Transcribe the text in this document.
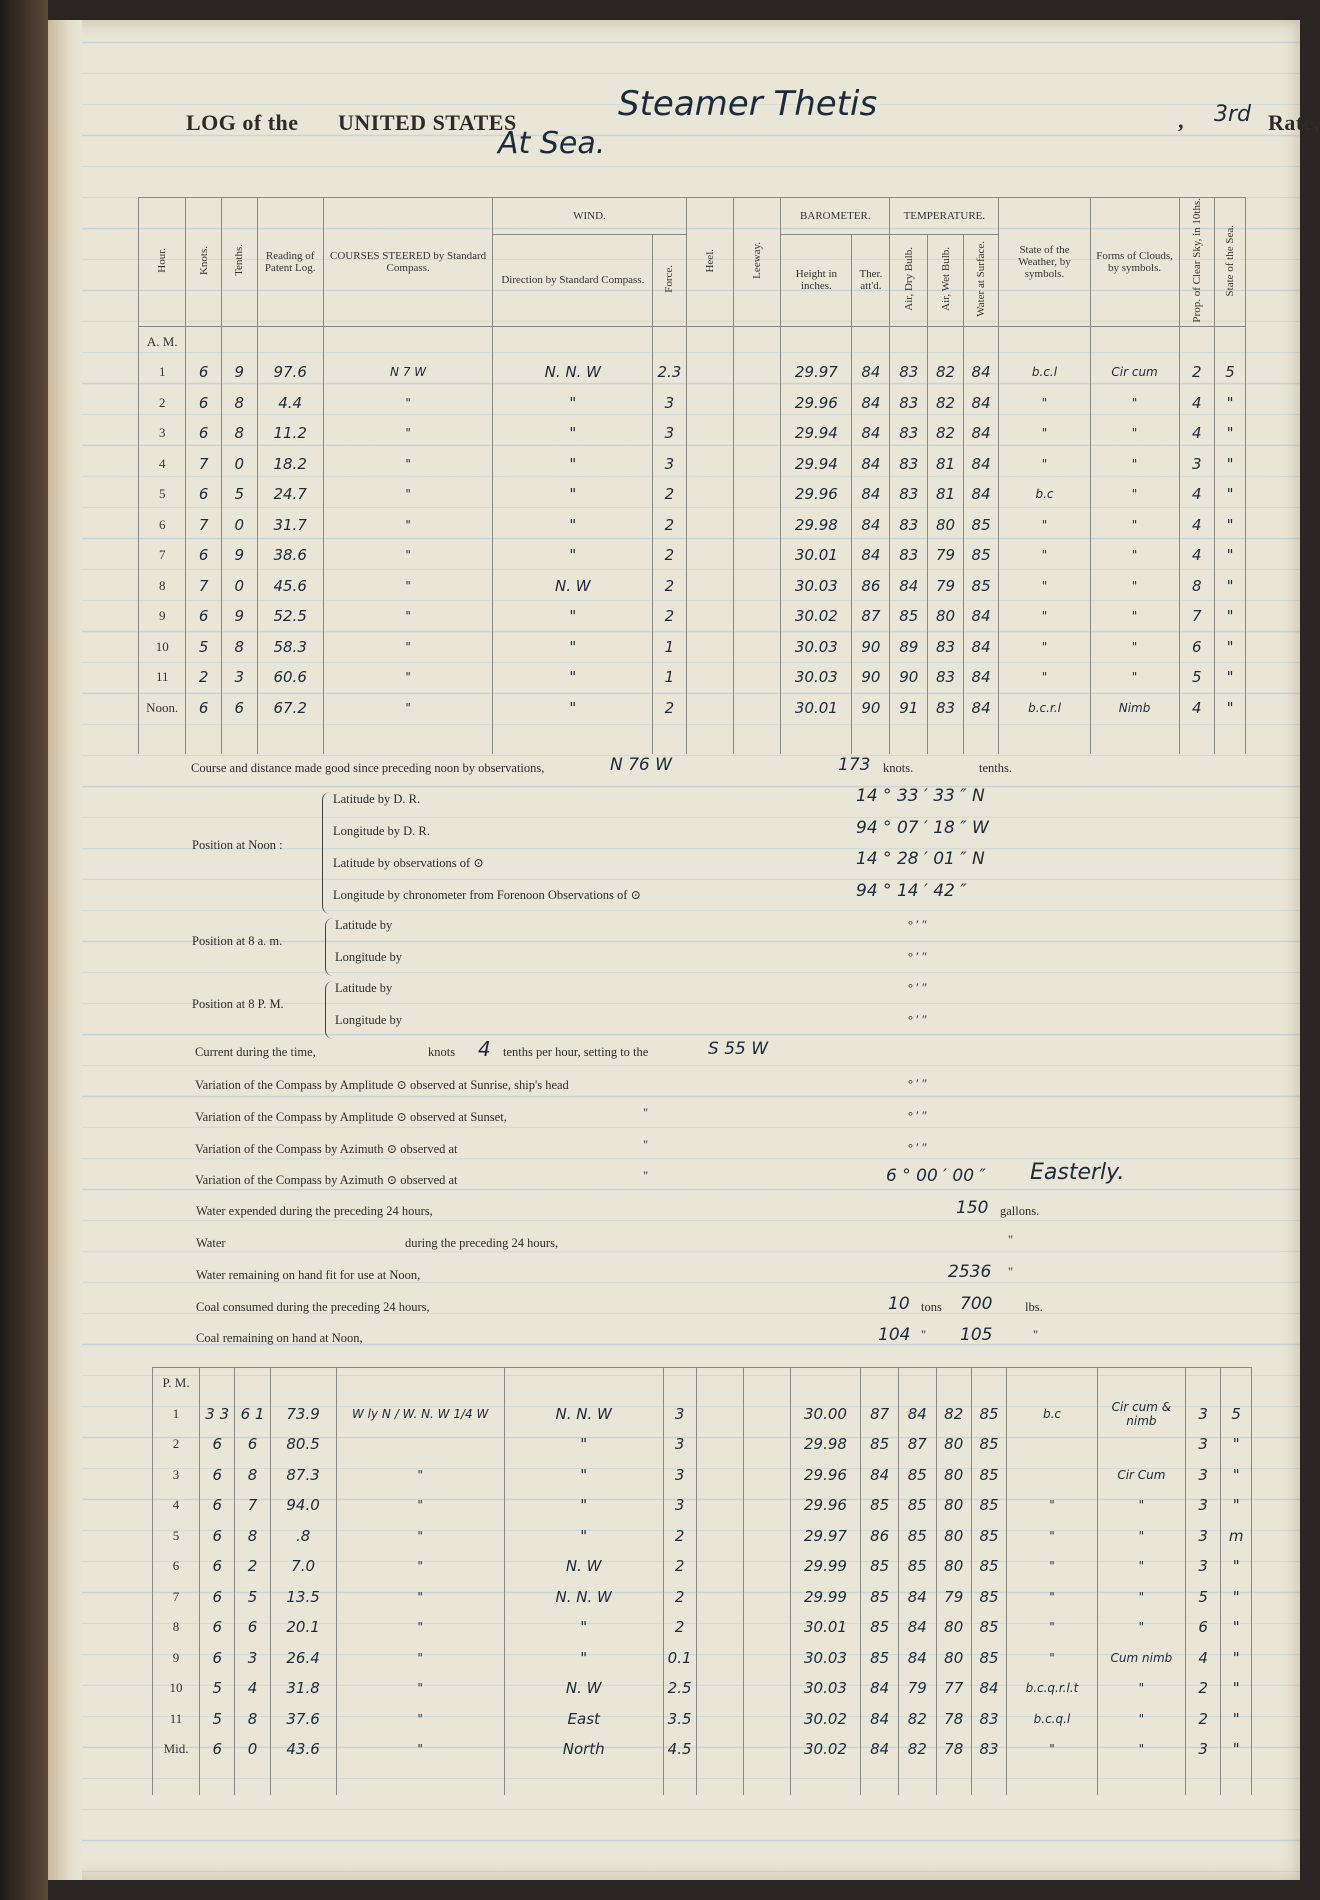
LOG of the UNITED STATES	Steamer Thetis
At Sea.
, 3rd Rate,
Hour.	Knots.	Tenths.	Reading of Patent Log.	COURSES STEERED by Standard Compass.	WIND.		Heel.	Leeway.	BAROMETER.		TEMPERATURE.			State of the Weather, by symbols.	Forms of Clouds, by symbols.	Prop. of Clear Sky, in 10ths.	State of the Sea.
					Direction by Standard Compass.	Force.			Height in inches.	Ther. att'd.	Air, Dry Bulb.	Air, Wet Bulb.	Water at Surface.				
A. M.																	
1	6	9	97.6	N 7 W	N. N. W	2.3			29.97	84	83	82	84	b.c.l	Cir cum	2	5
2	6	8	4.4	"	"	3			29.96	84	83	82	84	"	"	4	"
3	6	8	11.2	"	"	3			29.94	84	83	82	84	"	"	4	"
4	7	0	18.2	"	"	3			29.94	84	83	81	84	"	"	3	"
5	6	5	24.7	"	"	2			29.96	84	83	81	84	b.c	"	4	"
6	7	0	31.7	"	"	2			29.98	84	83	80	85	"	"	4	"
7	6	9	38.6	"	"	2			30.01	84	83	79	85	"	"	4	"
8	7	0	45.6	"	N. W	2			30.03	86	84	79	85	"	"	8	"
9	6	9	52.5	"	"	2			30.02	87	85	80	84	"	"	7	"
10	5	8	58.3	"	"	1			30.03	90	89	83	84	"	"	6	"
11	2	3	60.6	"	"	1			30.03	90	90	83	84	"	"	5	"
Noon.	6	6	67.2	"	"	2			30.01	90	91	83	84	b.c.r.l	Nimb	4	"

Course and distance made good since preceding noon by observations,	N 76 W	173 knots.	tenths.
Position at Noon :
Latitude by D. R.	14 ° 33 ′ 33 ″ N
Longitude by D. R.	94 ° 07 ′ 18 ″ W
Latitude by observations of ⊙	14 ° 28 ′ 01 ″ N
Longitude by chronometer from Forenoon Observations of ⊙	94 ° 14 ′ 42 ″
Position at 8 a. m.
Latitude by	° ′ ″
Longitude by	° ′ ″
Position at 8 P. M.
Latitude by	° ′ ″
Longitude by	° ′ ″
Current during the time,	knots 4 tenths per hour, setting to the	S 55 W
Variation of the Compass by Amplitude ⊙ observed at Sunrise, ship's head	° ′ ″
Variation of the Compass by Amplitude ⊙ observed at Sunset,	"	° ′ ″
Variation of the Compass by Azimuth ⊙ observed at	"	° ′ ″
Variation of the Compass by Azimuth ⊙ observed at	"	6 ° 00 ′ 00 ″ Easterly.
Water expended during the preceding 24 hours,	150 gallons.
Water	during the preceding 24 hours,	"
Water remaining on hand fit for use at Noon,	2536 "
Coal consumed during the preceding 24 hours,	10 tons 700	lbs.
Coal remaining on hand at Noon,	104 " 105	"
P. M.																	
1	3 3	6 1	73.9	W ly N / W. N. W 1/4 W	N. N. W	3			30.00	87	84	82	85	b.c	Cir cum & nimb	3	5
2	6	6	80.5		"	3			29.98	85	87	80	85			3	"
3	6	8	87.3	"	"	3			29.96	84	85	80	85		Cir Cum	3	"
4	6	7	94.0	"	"	3			29.96	85	85	80	85	"	"	3	"
5	6	8	.8	"	"	2			29.97	86	85	80	85	"	"	3	m
6	6	2	7.0	"	N. W	2			29.99	85	85	80	85	"	"	3	"
7	6	5	13.5	"	N. N. W	2			29.99	85	84	79	85	"	"	5	"
8	6	6	20.1	"	"	2			30.01	85	84	80	85	"	"	6	"
9	6	3	26.4	"	"	0.1			30.03	85	84	80	85	"	Cum nimb	4	"
10	5	4	31.8	"	N. W	2.5			30.03	84	79	77	84	b.c.q.r.l.t	"	2	"
11	5	8	37.6	"	East	3.5			30.02	84	82	78	83	b.c.q.l	"	2	"
Mid.	6	0	43.6	"	North	4.5			30.02	84	82	78	83	"	"	3	"
